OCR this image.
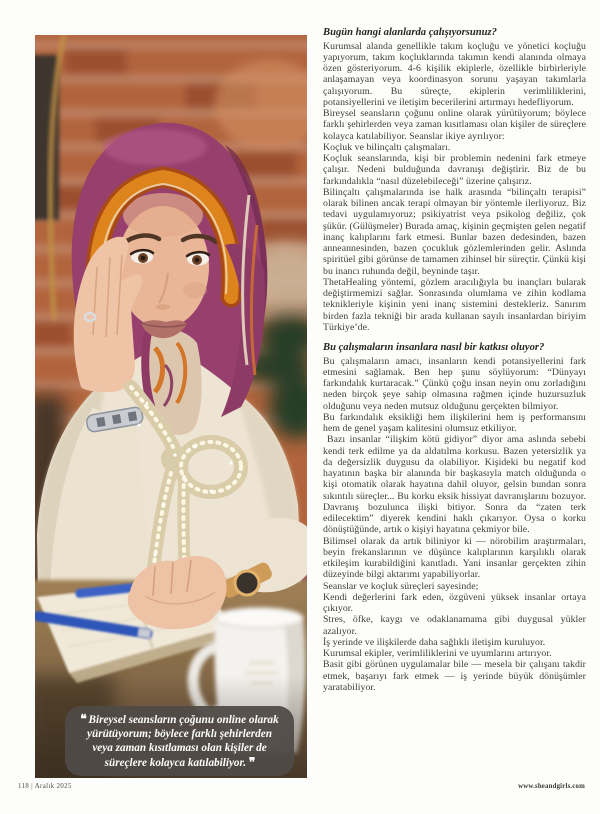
❝ Bireysel seansların çoğunu online olarak yürütüyorum; böylece farklı şehirlerden veya zaman kısıtlaması olan kişiler de süreçlere kolayca katılabiliyor. ❞
Bugün hangi alanlarda çalışıyorsunuz?

Kurumsal alanda genellikle takım koçluğu ve yönetici koçluğu yapıyorum, takım koçluklarında takımın kendi alanında olmaya özen gösteriyorum. 4-6 kişilik ekiplerle, özellikle birbirleriyle anlaşamayan veya koordinasyon sorunu yaşayan takımlarla çalışıyorum. Bu süreçte, ekiplerin verimliliklerini, potansiyellerini ve iletişim becerilerini artırmayı hedefliyorum.

Bireysel seansların çoğunu online olarak yürütüyorum; böylece farklı şehirlerden veya zaman kısıtlaması olan kişiler de süreçlere kolayca katılabiliyor. Seanslar ikiye ayrılıyor:

Koçluk ve bilinçaltı çalışmaları.

Koçluk seanslarında, kişi bir problemin nedenini fark etmeye çalışır. Nedeni bulduğunda davranışı değiştirir. Biz de bu farkındalıkla “nasıl düzelebileceği” üzerine çalışırız.

Bilinçaltı çalışmalarında ise halk arasında “bilinçaltı terapisi” olarak bilinen ancak terapi olmayan bir yöntemle ilerliyoruz. Biz tedavi uygulamıyoruz; psikiyatrist veya psikolog değiliz, çok şükür. (Gülüşmeler) Burada amaç, kişinin geçmişten gelen negatif inanç kalıplarını fark etmesi. Bunlar bazen dedesinden, bazen anneannesinden, bazen çocukluk gözlemlerinden gelir. Aslında spiritüel gibi görünse de tamamen zihinsel bir süreçtir. Çünkü kişi bu inancı ruhunda değil, beyninde taşır.

ThetaHealing yöntemi, gözlem aracılığıyla bu inançları bularak değiştirmemizi sağlar. Sonrasında olumlama ve zihin kodlama teknikleriyle kişinin yeni inanç sistemini destekleriz. Sanırım birden fazla tekniği bir arada kullanan sayılı insanlardan biriyim Türkiye’de.

Bu çalışmaların insanlara nasıl bir katkısı oluyor?

Bu çalışmaların amacı, insanların kendi potansiyellerini fark etmesini sağlamak. Ben hep şunu söylüyorum: “Dünyayı farkındalık kurtaracak.” Çünkü çoğu insan neyin onu zorladığını neden birçok şeye sahip olmasına rağmen içinde huzursuzluk olduğunu veya neden mutsuz olduğunu gerçekten bilmiyor.

Bu farkındalık eksikliği hem ilişkilerini hem iş performansını hem de genel yaşam kalitesini olumsuz etkiliyor.

Bazı insanlar “ilişkim kötü gidiyor” diyor ama aslında sebebi kendi terk edilme ya da aldatılma korkusu. Bazen yetersizlik ya da değersizlik duygusu da olabiliyor. Kişideki bu negatif kod hayatının başka bir alanında bir başkasıyla match olduğunda o kişi otomatik olarak hayatına dahil oluyor, gelsin bundan sonra sıkıntılı süreçler... Bu korku eksik hissiyat davranışlarını bozuyor. Davranış bozulunca ilişki bitiyor. Sonra da “zaten terk edilecektim” diyerek kendini haklı çıkarıyor. Oysa o korku dönüştüğünde, artık o kişiyi hayatına çekmiyor bile.

Bilimsel olarak da artık biliniyor ki — nörobilim araştırmaları, beyin frekanslarının ve düşünce kalıplarının karşılıklı olarak etkileşim kurabildiğini kanıtladı. Yani insanlar gerçekten zihin düzeyinde bilgi aktarımı yapabiliyorlar.

Seanslar ve koçluk süreçleri sayesinde;

Kendi değerlerini fark eden, özgüveni yüksek insanlar ortaya çıkıyor.

Stres, öfke, kaygı ve odaklanamama gibi duygusal yükler azalıyor.

İş yerinde ve ilişkilerde daha sağlıklı iletişim kuruluyor.

Kurumsal ekipler, verimliliklerini ve uyumlarını artırıyor.

Basit gibi görünen uygulamalar bile — mesela bir çalışanı takdir etmek, başarıyı fark etmek — iş yerinde büyük dönüşümler yaratabiliyor.

118 | Aralık 2025	www.sheandgirls.com
